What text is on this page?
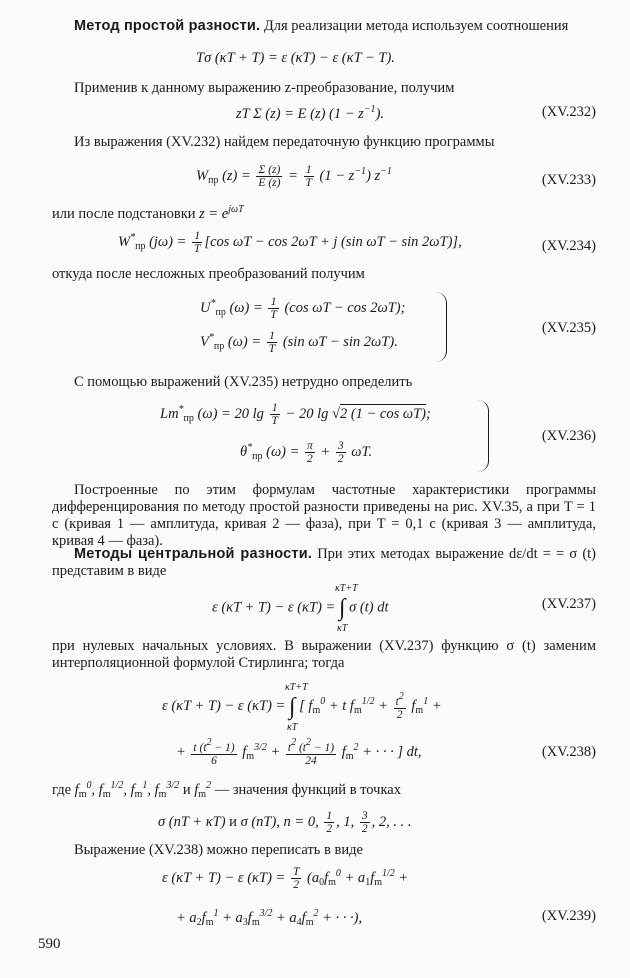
Метод простой разности. Для реализации метода используем соотношения
Tσ (κT + T) = ε (κT) − ε (κT − T).
Применив к данному выражению z-преобразование, получим
zT Σ (z) = E (z) $(1 - z^{-1})$.	(XV.232)
Из выражения (XV.232) найдем передаточную функцию программы
$W_{пр}$ $(z) = \frac{\Sigma (z)}{E (z)} = \frac{1}{T} (1 - z^{-1})$ $z^{-1}$
(XV.233)
или после подстановки $z = e^{j\omega T}$
$W^*_{пр}$ $(j\omega) = \frac{1}{T} [\cos$ ωT − cos 2ωT + j (sin ωT − sin 2ωT)],	(XV.234)
откуда после несложных преобразований получим
$U^*_{пр}$ $(\omega) = \frac{1}{T} (\cos$ ωT − cos 2ωT);
$V^*_{пр}$ $(\omega) = \frac{1}{T} (\sin$ ωT − sin 2ωT).
(XV.235)
С помощью выражений (XV.235) нетрудно определить
$Lm^*_{пр}$ (ω) = 20 $\lg \frac{1}{T} - 20$ lg √2 (1 − cos ωT);
$\theta^*_{пр}$ $(\omega) = \frac{\pi}{2} + \frac{3}{2} \omega T$.
(XV.236)
Построенные по этим формулам частотные характеристики программы дифференцирования по методу простой разности приведены на рис. XV.35, а при T = 1 с (кривая 1 — амплитуда, кривая 2 — фаза), при T = 0,1 с (кривая 3 — амплитуда, кривая 4 — фаза).
Методы центральной разности. При этих методах выражение dε/dt = = σ (t) представим в виде
ε (κT + T) − ε (κT) = ∫
κT+T
κT
σ (t) dt	(XV.237)
при нулевых начальных условиях. В выражении (XV.237) функцию σ (t) заменим интерполяционной формулой Стирлинга; тогда
ε (κT + T) − ε (κT) = ∫
κT+T
κT
[ $f_m^0 + t$ $f_m^{1/2} + \frac{t2}{2} f_m^1$ +
+ $\frac{t (t2 - 1)}{6} f_m^{3/2} + \frac{t2 (t2 - 1)}{24} f_m^2$ + · · · ] dt,	(XV.238)
где $f_m^0$, $f_m^{1/2}$, $f_m^1$, $f_m^{3/2}$ и $f_m^2$ — значения функций в точках
σ (nT + κT) и σ (nT), n = 0, $\frac{1}{2}$ , 1, $\frac{3}{2}$ , 2, . . .
Выражение (XV.238) можно переписать в виде
ε (κT + T) − ε $(\kappa T) = \frac{T}{2} (a_0f_m^0 + a_1f_m^{1/2}$ +
+ $a_2f_m^1 + a_3f_m^{3/2} + a_4f_m^2$ + · · ·),	(XV.239)
590
